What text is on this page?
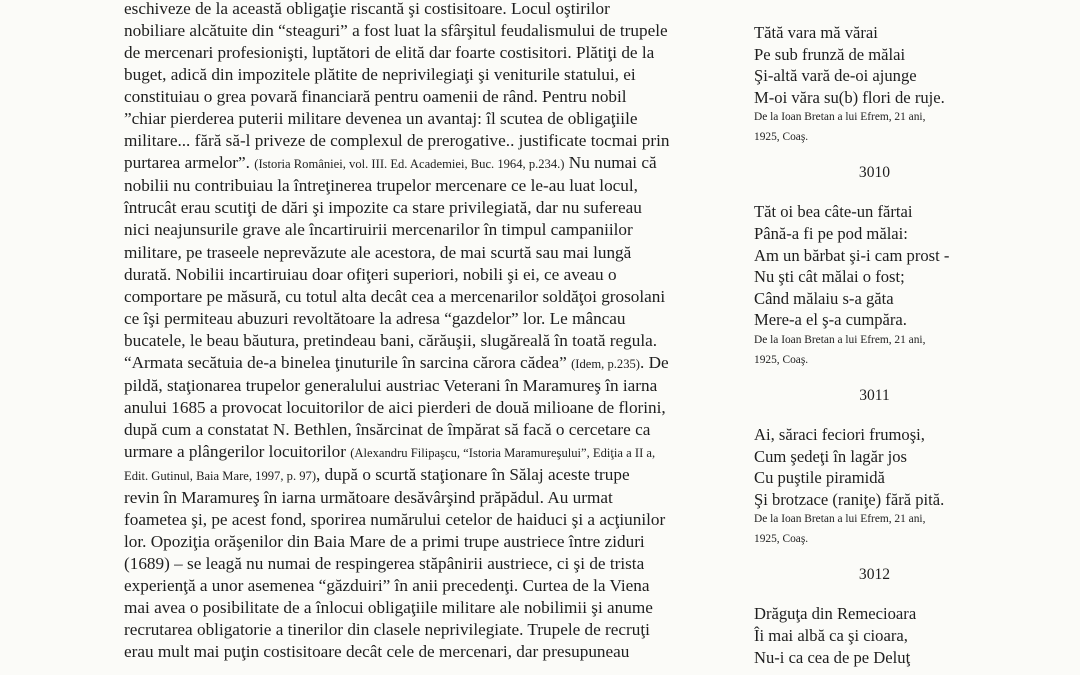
eschiveze de la această obligaţie riscantă şi costisitoare. Locul oştirilor
nobiliare alcătuite din “steaguri” a fost luat la sfârşitul feudalismului de trupele
de mercenari profesionişti, luptători de elită dar foarte costisitori. Plătiţi de la
buget, adică din impozitele plătite de neprivilegiaţi şi veniturile statului, ei
constituiau o grea povară financiară pentru oamenii de rând. Pentru nobil
”chiar pierderea puterii militare devenea un avantaj: îl scutea de obligaţiile
militare... fără să-l priveze de complexul de prerogative.. justificate tocmai prin
purtarea armelor”. (Istoria României, vol. III. Ed. Academiei, Buc. 1964, p.234.) Nu numai că
nobilii nu contribuiau la întreţinerea trupelor mercenare ce le-au luat locul,
întrucât erau scutiţi de dări şi impozite ca stare privilegiată, dar nu sufereau
nici neajunsurile grave ale încartiruirii mercenarilor în timpul campaniilor
militare, pe traseele neprevăzute ale acestora, de mai scurtă sau mai lungă
durată. Nobilii incartiruiau doar ofiţeri superiori, nobili şi ei, ce aveau o
comportare pe măsură, cu totul alta decât cea a mercenarilor soldăţoi grosolani
ce îşi permiteau abuzuri revoltătoare la adresa “gazdelor” lor. Le mâncau
bucatele, le beau băutura, pretindeau bani, cărăuşii, slugăreală în toată regula.
“Armata secătuia de-a binelea ţinuturile în sarcina cărora cădea” (Idem, p.235). De
pildă, staţionarea trupelor generalului austriac Veterani în Maramureş în iarna
anului 1685 a provocat locuitorilor de aici pierderi de două milioane de florini,
după cum a constatat N. Bethlen, însărcinat de împărat să facă o cercetare ca
urmare a plângerilor locuitorilor (Alexandru Filipaşcu, “Istoria Maramureşului”, Ediţia a II a,
Edit. Gutinul, Baia Mare, 1997, p. 97), după o scurtă staţionare în Sălaj aceste trupe
revin în Maramureş în iarna următoare desăvârşind prăpădul. Au urmat
foametea şi, pe acest fond, sporirea numărului cetelor de haiduci şi a acţiunilor
lor. Opoziţia orăşenilor din Baia Mare de a primi trupe austriece între ziduri
(1689) – se leagă nu numai de respingerea stăpânirii austriece, ci şi de trista
experienţă a unor asemenea “găzduiri” în anii precedenţi. Curtea de la Viena
mai avea o posibilitate de a înlocui obligaţiile militare ale nobilimii şi anume
recrutarea obligatorie a tinerilor din clasele neprivilegiate. Trupele de recruţi
erau mult mai puţin costisitoare decât cele de mercenari, dar presupuneau

Tătă vara mă vărai
Pe sub frunză de mălai
Şi-altă vară de-oi ajunge
M-oi văra su(b) flori de ruje.
De la Ioan Bretan a lui Efrem, 21 ani,
1925, Coaş.
3010
Tăt oi bea câte-un fărtai
Până-a fi pe pod mălai:
Am un bărbat şi-i cam prost -
Nu şti cât mălai o fost;
Când mălaiu s-a găta
Mere-a el ş-a cumpăra.
De la Ioan Bretan a lui Efrem, 21 ani,
1925, Coaş.
3011
Ai, săraci feciori frumoşi,
Cum şedeţi în lagăr jos
Cu puştile piramidă
Şi brotzace (raniţe) fără pită.
De la Ioan Bretan a lui Efrem, 21 ani,
1925, Coaş.
3012
Drăguţa din Remecioara
Îi mai albă ca şi cioara,
Nu-i ca cea de pe Deluţ
